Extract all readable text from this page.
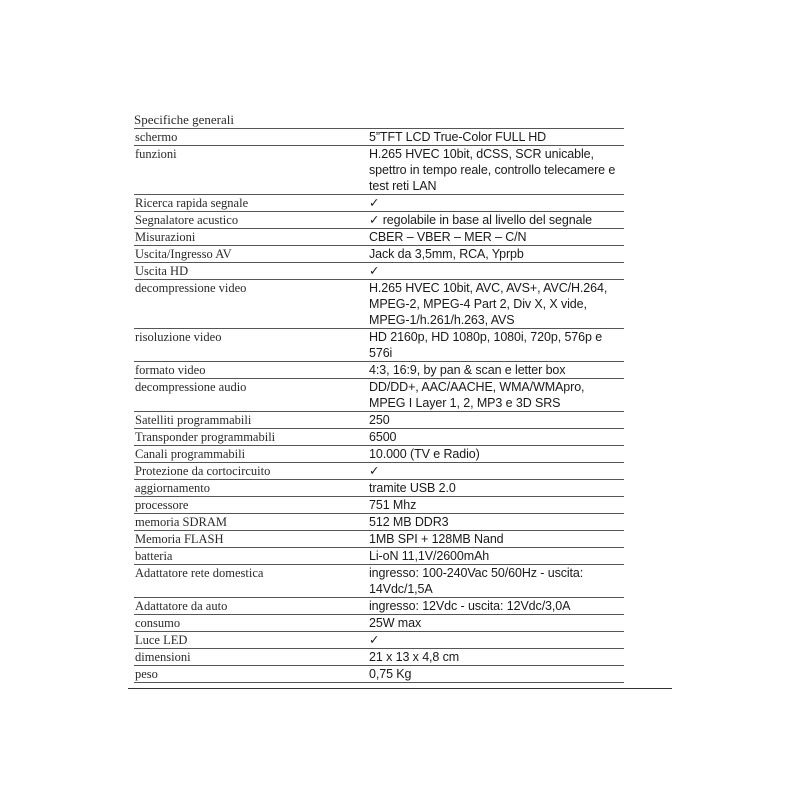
Specifiche generali
schermo	5”TFT LCD True-Color FULL HD
funzioni	H.265 HVEC 10bit, dCSS, SCR unicable, spettro in tempo reale, controllo telecamere e test reti LAN
Ricerca rapida segnale	✓
Segnalatore acustico	✓ regolabile in base al livello del segnale
Misurazioni	CBER – VBER – MER – C/N
Uscita/Ingresso AV	Jack da 3,5mm, RCA, Yprpb
Uscita HD	✓
decompressione video	H.265 HVEC 10bit, AVC, AVS+, AVC/H.264, MPEG-2, MPEG-4 Part 2, Div X, X vide, MPEG-1/h.261/h.263, AVS
risoluzione video	HD 2160p, HD 1080p, 1080i, 720p, 576p e 576i
formato video	4:3, 16:9, by pan & scan e letter box
decompressione audio	DD/DD+, AAC/AACHE, WMA/WMApro, MPEG I Layer 1, 2, MP3 e 3D SRS
Satelliti programmabili	250
Transponder programmabili	6500
Canali programmabili	10.000 (TV e Radio)
Protezione da cortocircuito	✓
aggiornamento	tramite USB 2.0
processore	751 Mhz
memoria SDRAM	512 MB DDR3
Memoria FLASH	1MB SPI + 128MB Nand
batteria	Li-oN 11,1V/2600mAh
Adattatore rete domestica	ingresso: 100-240Vac 50/60Hz - uscita: 14Vdc/1,5A
Adattatore da auto	ingresso: 12Vdc - uscita: 12Vdc/3,0A
consumo	25W max
Luce LED	✓
dimensioni	21 x 13 x 4,8 cm
peso	0,75 Kg
